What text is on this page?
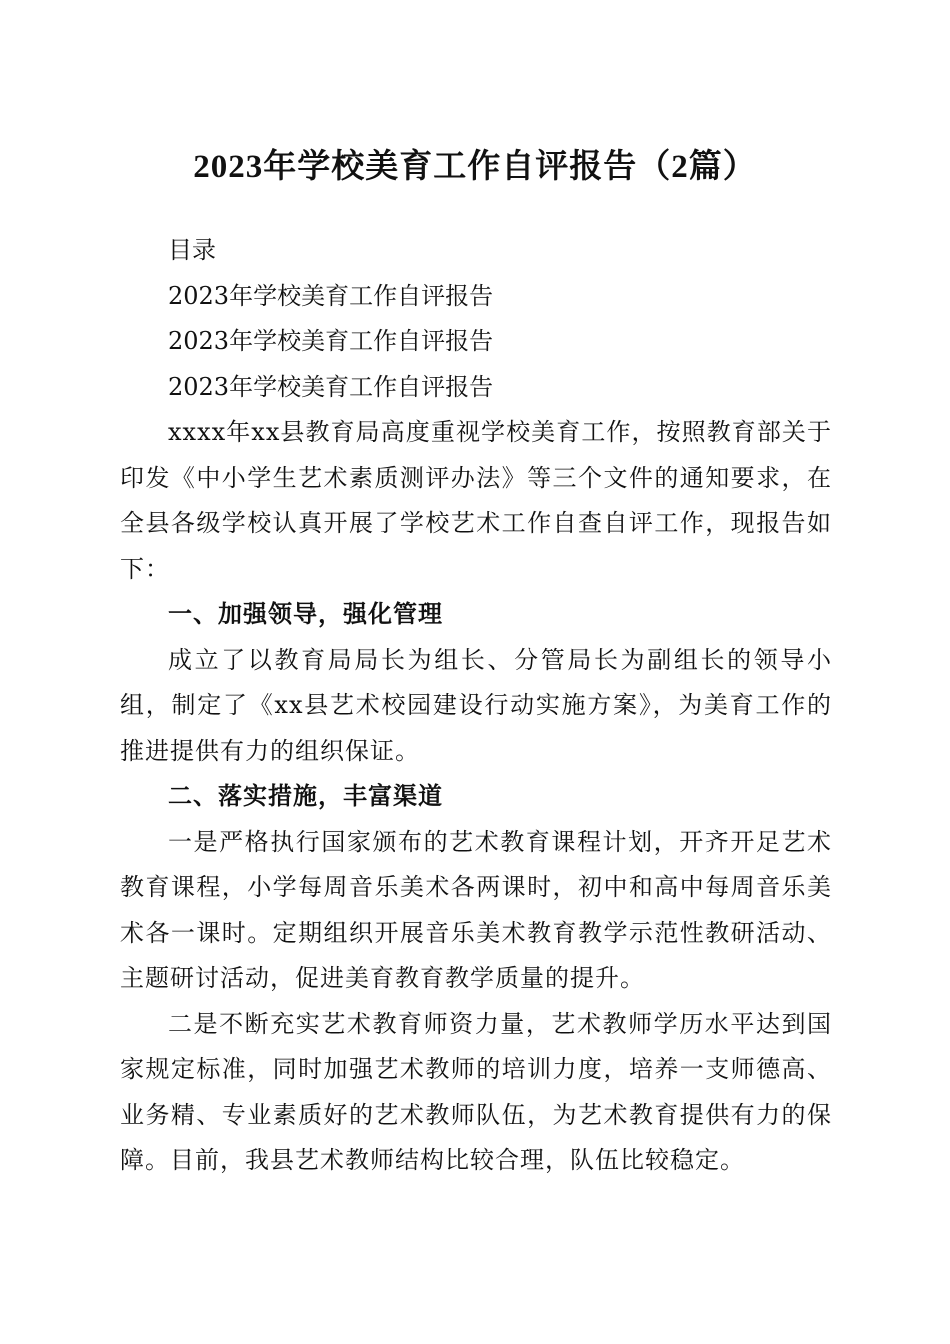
2023年学校美育工作自评报告（2篇）

目录

2023年学校美育工作自评报告

2023年学校美育工作自评报告

2023年学校美育工作自评报告

xxxx年xx县教育局高度重视学校美育工作，按照教育部关于印发《中小学生艺术素质测评办法》等三个文件的通知要求，在全县各级学校认真开展了学校艺术工作自查自评工作，现报告如下：

一、加强领导，强化管理

成立了以教育局局长为组长、分管局长为副组长的领导小组，制定了《xx县艺术校园建设行动实施方案》，为美育工作的推进提供有力的组织保证。

二、落实措施，丰富渠道

一是严格执行国家颁布的艺术教育课程计划，开齐开足艺术教育课程，小学每周音乐美术各两课时，初中和高中每周音乐美术各一课时。定期组织开展音乐美术教育教学示范性教研活动、主题研讨活动，促进美育教育教学质量的提升。

二是不断充实艺术教育师资力量，艺术教师学历水平达到国家规定标准，同时加强艺术教师的培训力度，培养一支师德高、业务精、专业素质好的艺术教师队伍，为艺术教育提供有力的保障。目前，我县艺术教师结构比较合理，队伍比较稳定。
